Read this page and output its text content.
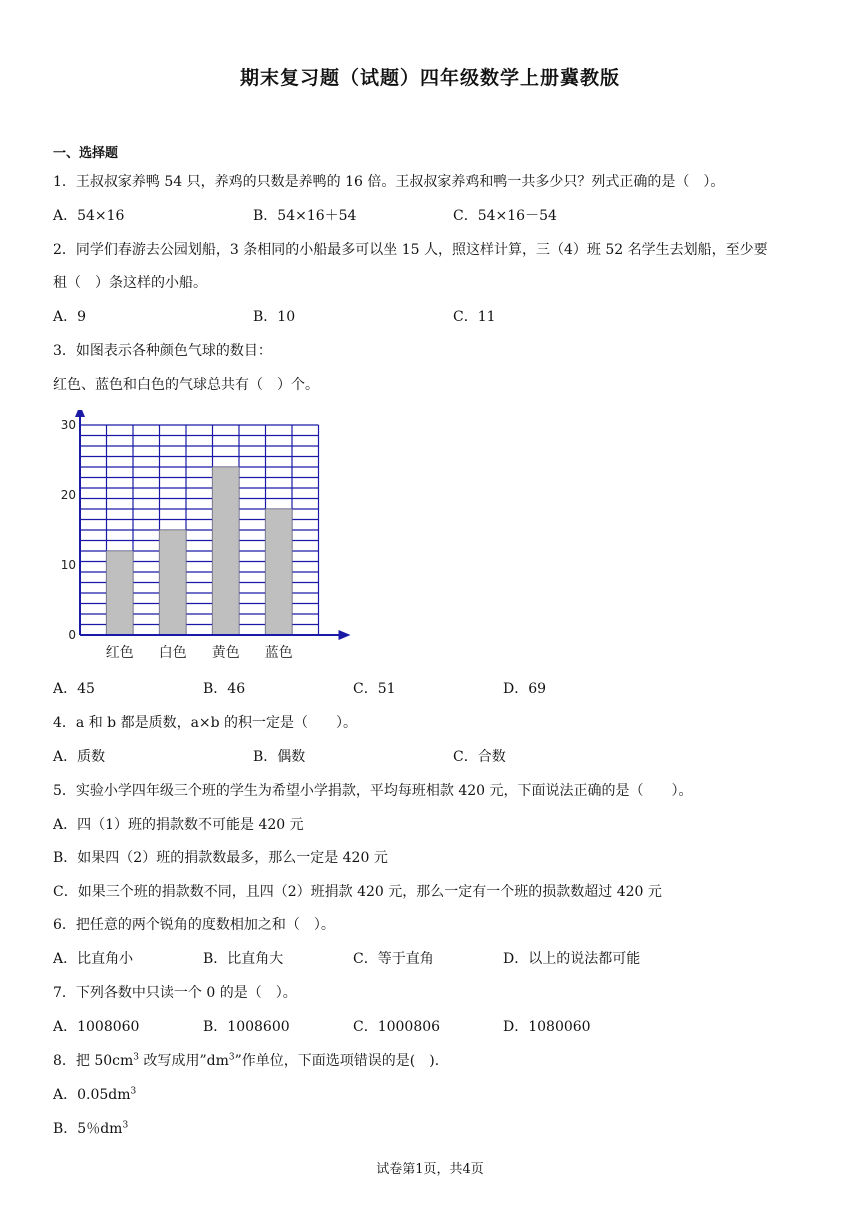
期末复习题（试题）四年级数学上册冀教版
一、选择题
1．王叔叔家养鸭 54 只，养鸡的只数是养鸭的 16 倍。王叔叔家养鸡和鸭一共多少只？列式正确的是（　）。
A．54×16	B．54×16＋54	C．54×16－54
2．同学们春游去公园划船，3 条相同的小船最多可以坐 15 人，照这样计算，三（4）班 52 名学生去划船，至少要
租（　）条这样的小船。
A．9	B．10	C．11
3．如图表示各种颜色气球的数目：
红色、蓝色和白色的气球总共有（　）个。
0
10
20
30
红色 白色 黄色 蓝色
A．45	B．46	C．51	D．69
4．a 和 b 都是质数，a×b 的积一定是（　　）。
A．质数	B．偶数	C．合数
5．实验小学四年级三个班的学生为希望小学捐款，平均每班相款 420 元，下面说法正确的是（　　）。
A．四（1）班的捐款数不可能是 420 元
B．如果四（2）班的捐款数最多，那么一定是 420 元
C．如果三个班的捐款数不同，且四（2）班捐款 420 元，那么一定有一个班的损款数超过 420 元
6．把任意的两个锐角的度数相加之和（　）。
A．比直角小	B．比直角大	C．等于直角	D．以上的说法都可能
7．下列各数中只读一个 0 的是（　）。
A．1008060	B．1008600	C．1000806	D．1080060
8．把 $50cm^3$ 改写成用$”dm^3$”作单位，下面选项错误的是(　).
A．$0.05dm^3$
B．5％$dm^3$
试卷第1页，共4页
